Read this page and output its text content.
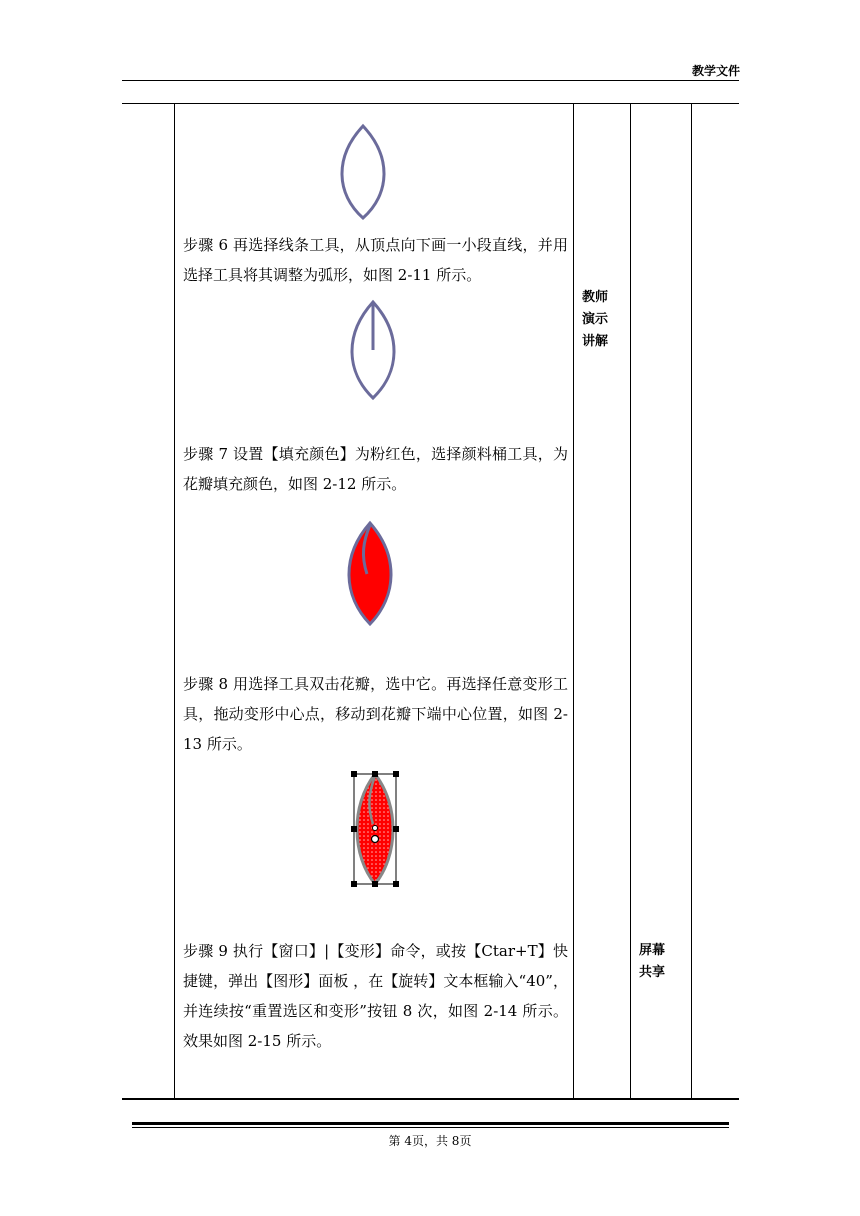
教学文件
步骤 6 再选择线条工具，从顶点向下画一小段直线，并用选择工具将其调整为弧形，如图 2-11 所示。
步骤 7 设置【填充颜色】为粉红色，选择颜料桶工具，为花瓣填充颜色，如图 2-12 所示。
步骤 8 用选择工具双击花瓣，选中它。再选择任意变形工具，拖动变形中心点，移动到花瓣下端中心位置，如图 2-13 所示。
步骤 9 执行【窗口】|【变形】命令，或按【Ctar+T】快捷键，弹出【图形】面板 ，在【旋转】文本框输入“40”，并连续按“重置选区和变形”按钮 8 次，如图 2-14 所示。效果如图 2-15 所示。
教师
演示
讲解
屏幕
共享
第 4页，共 8页
